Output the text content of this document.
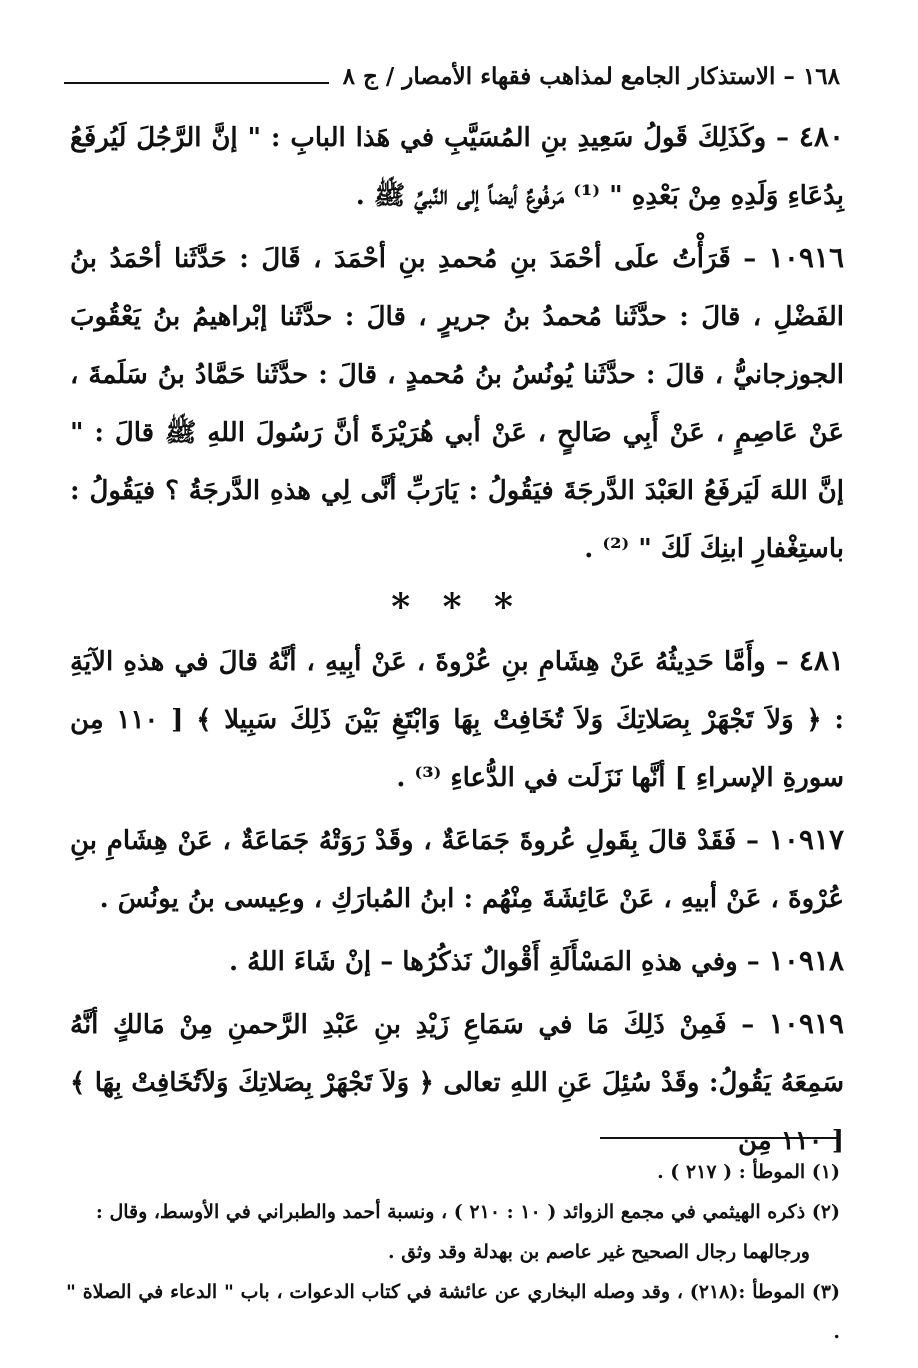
١٦٨ – الاستذكار الجامع لمذاهب فقهاء الأمصار / ج ٨

٤٨٠ – وكَذَلِكَ قَولُ سَعِيدِ بنِ المُسَيَّبِ في هَذا البابِ : " إنَّ الرَّجُلَ لَيُرفَعُ بِدُعَاءِ وَلَدِهِ مِنْ بَعْدِهِ " ⁽¹⁾ مَرفُوعٌ أيضاً إلى النَّبيِّ ﷺ .

١٠٩١٦ – قَرَأْتُ علَى أحْمَدَ بنِ مُحمدِ بنِ أحْمَدَ ، قَالَ : حَدَّثَنا أحْمَدُ بنُ الفَضْلِ ، قالَ : حدَّثَنا مُحمدُ بنُ جريرٍ ، قالَ : حدَّثَنا إبْراهيمُ بنُ يَعْقُوبَ الجوزجانيُّ ، قالَ : حدَّثَنا يُونُسُ بنُ مُحمدٍ ، قالَ : حدَّثَنا حَمَّادُ بنُ سَلَمةَ ، عَنْ عَاصِمٍ ، عَنْ أَبِي صَالحٍ ، عَنْ أبي هُرَيْرَةَ أنَّ رَسُولَ اللهِ ﷺ قالَ : " إنَّ اللهَ لَيَرفَعُ العَبْدَ الدَّرجَةَ فيَقُولُ : يَارَبِّ أنَّى لِي هذهِ الدَّرجَةُ ؟ فيَقُولُ : باستِغْفارِ ابنِكَ لَكَ " ⁽²⁾ .

* * *

٤٨١ – وأَمَّا حَدِيثُهُ عَنْ هِشَامِ بنِ عُرْوةَ ، عَنْ أبِيهِ ، أنَّهُ قالَ في هذهِ الآيَةِ : ﴿ وَلاَ تَجْهَرْ بِصَلاتِكَ وَلاَ تُخَافِتْ بِهَا وَابْتَغِ بَيْنَ ذَلِكَ سَبِيلا ﴾ [ ١١٠ مِن سورةِ الإسراءِ ] أنَّها نَزَلَت في الدُّعاءِ ⁽³⁾ .

١٠٩١٧ – فَقَدْ قالَ بِقَولِ عُروةَ جَمَاعَةٌ ، وقَدْ رَوَتْهُ جَمَاعَةٌ ، عَنْ هِشَامِ بنِ عُرْوةَ ، عَنْ أبيهِ ، عَنْ عَائِشَةَ مِنْهُم : ابنُ المُبارَكِ ، وعِيسى بنُ يونُسَ .

١٠٩١٨ – وفي هذهِ المَسْأَلَةِ أَقْوالٌ نَذكُرُها – إنْ شَاءَ اللهُ .

١٠٩١٩ – فَمِنْ ذَلِكَ مَا في سَمَاعِ زَيْدِ بنِ عَبْدِ الرَّحمنِ مِنْ مَالكٍ أنَّهُ سَمِعَهُ يَقُولُ: وقَدْ سُئِلَ عَنِ اللهِ تعالى ﴿ وَلاَ تَجْهَرْ بِصَلاتِكَ وَلاَتُخَافِتْ بِهَا ﴾ [ ١١٠ مِن

(١) الموطأ : ( ٢١٧ ) .

(٢) ذكره الهيثمي في مجمع الزوائد ( ١٠ : ٢١٠ ) ، ونسبة أحمد والطبراني في الأوسط، وقال :

ورجالهما رجال الصحيح غير عاصم بن بهدلة وقد وثق .

(٣) الموطأ :(٢١٨) ، وقد وصله البخاري عن عائشة في كتاب الدعوات ، باب " الدعاء في الصلاة " .
